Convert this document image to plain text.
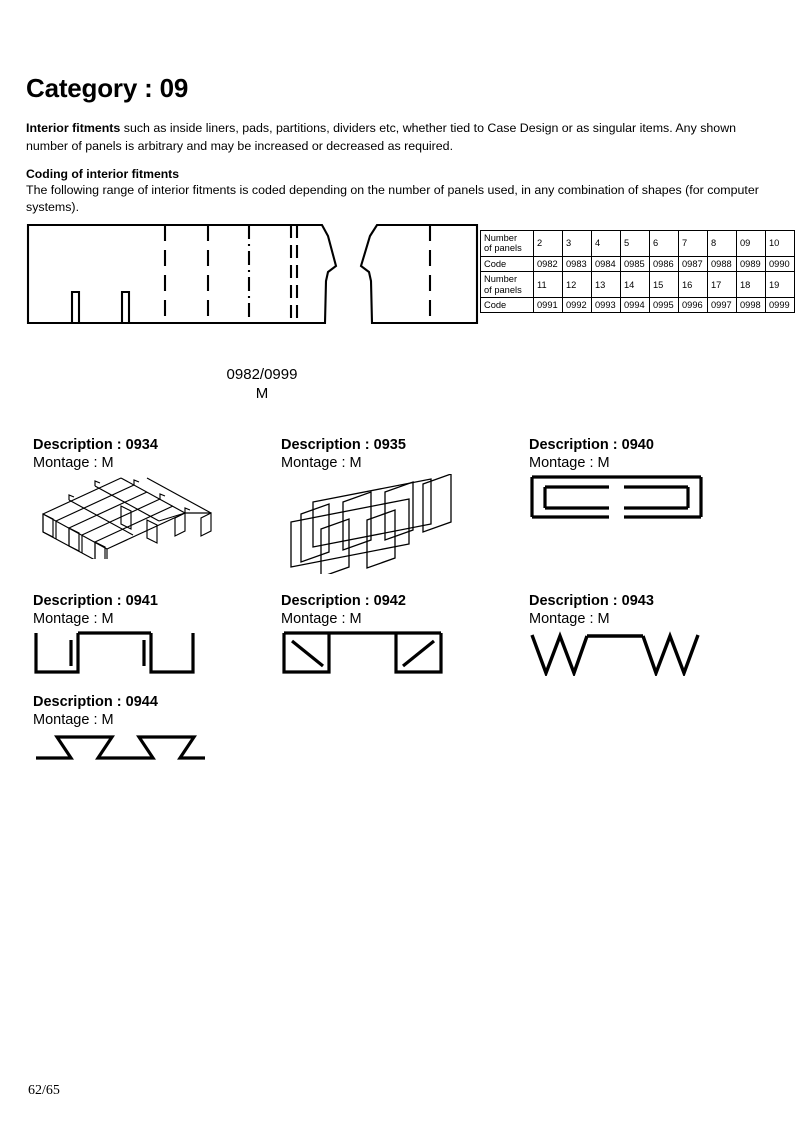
Category : 09
Interior fitments such as inside liners, pads, partitions, dividers etc, whether tied to Case Design or as singular items. Any shown number of panels is arbitrary and may be increased or decreased as required.
Coding of interior fitments
The following range of interior fitments is coded depending on the number of panels used, in any combination of shapes (for computer systems).
0982/0999
M
Number
of panels	2	3	4	5	6	7	8	09	10
Code	0982	0983	0984	0985	0986	0987	0988	0989	0990
Number
of panels	11	12	13	14	15	16	17	18	19
Code	0991	0992	0993	0994	0995	0996	0997	0998	0999
Description : 0934
Montage : M
Description : 0935
Montage : M
Description : 0940
Montage : M
Description : 0941
Montage : M
Description : 0942
Montage : M
Description : 0943
Montage : M
Description : 0944
Montage : M
62/65
